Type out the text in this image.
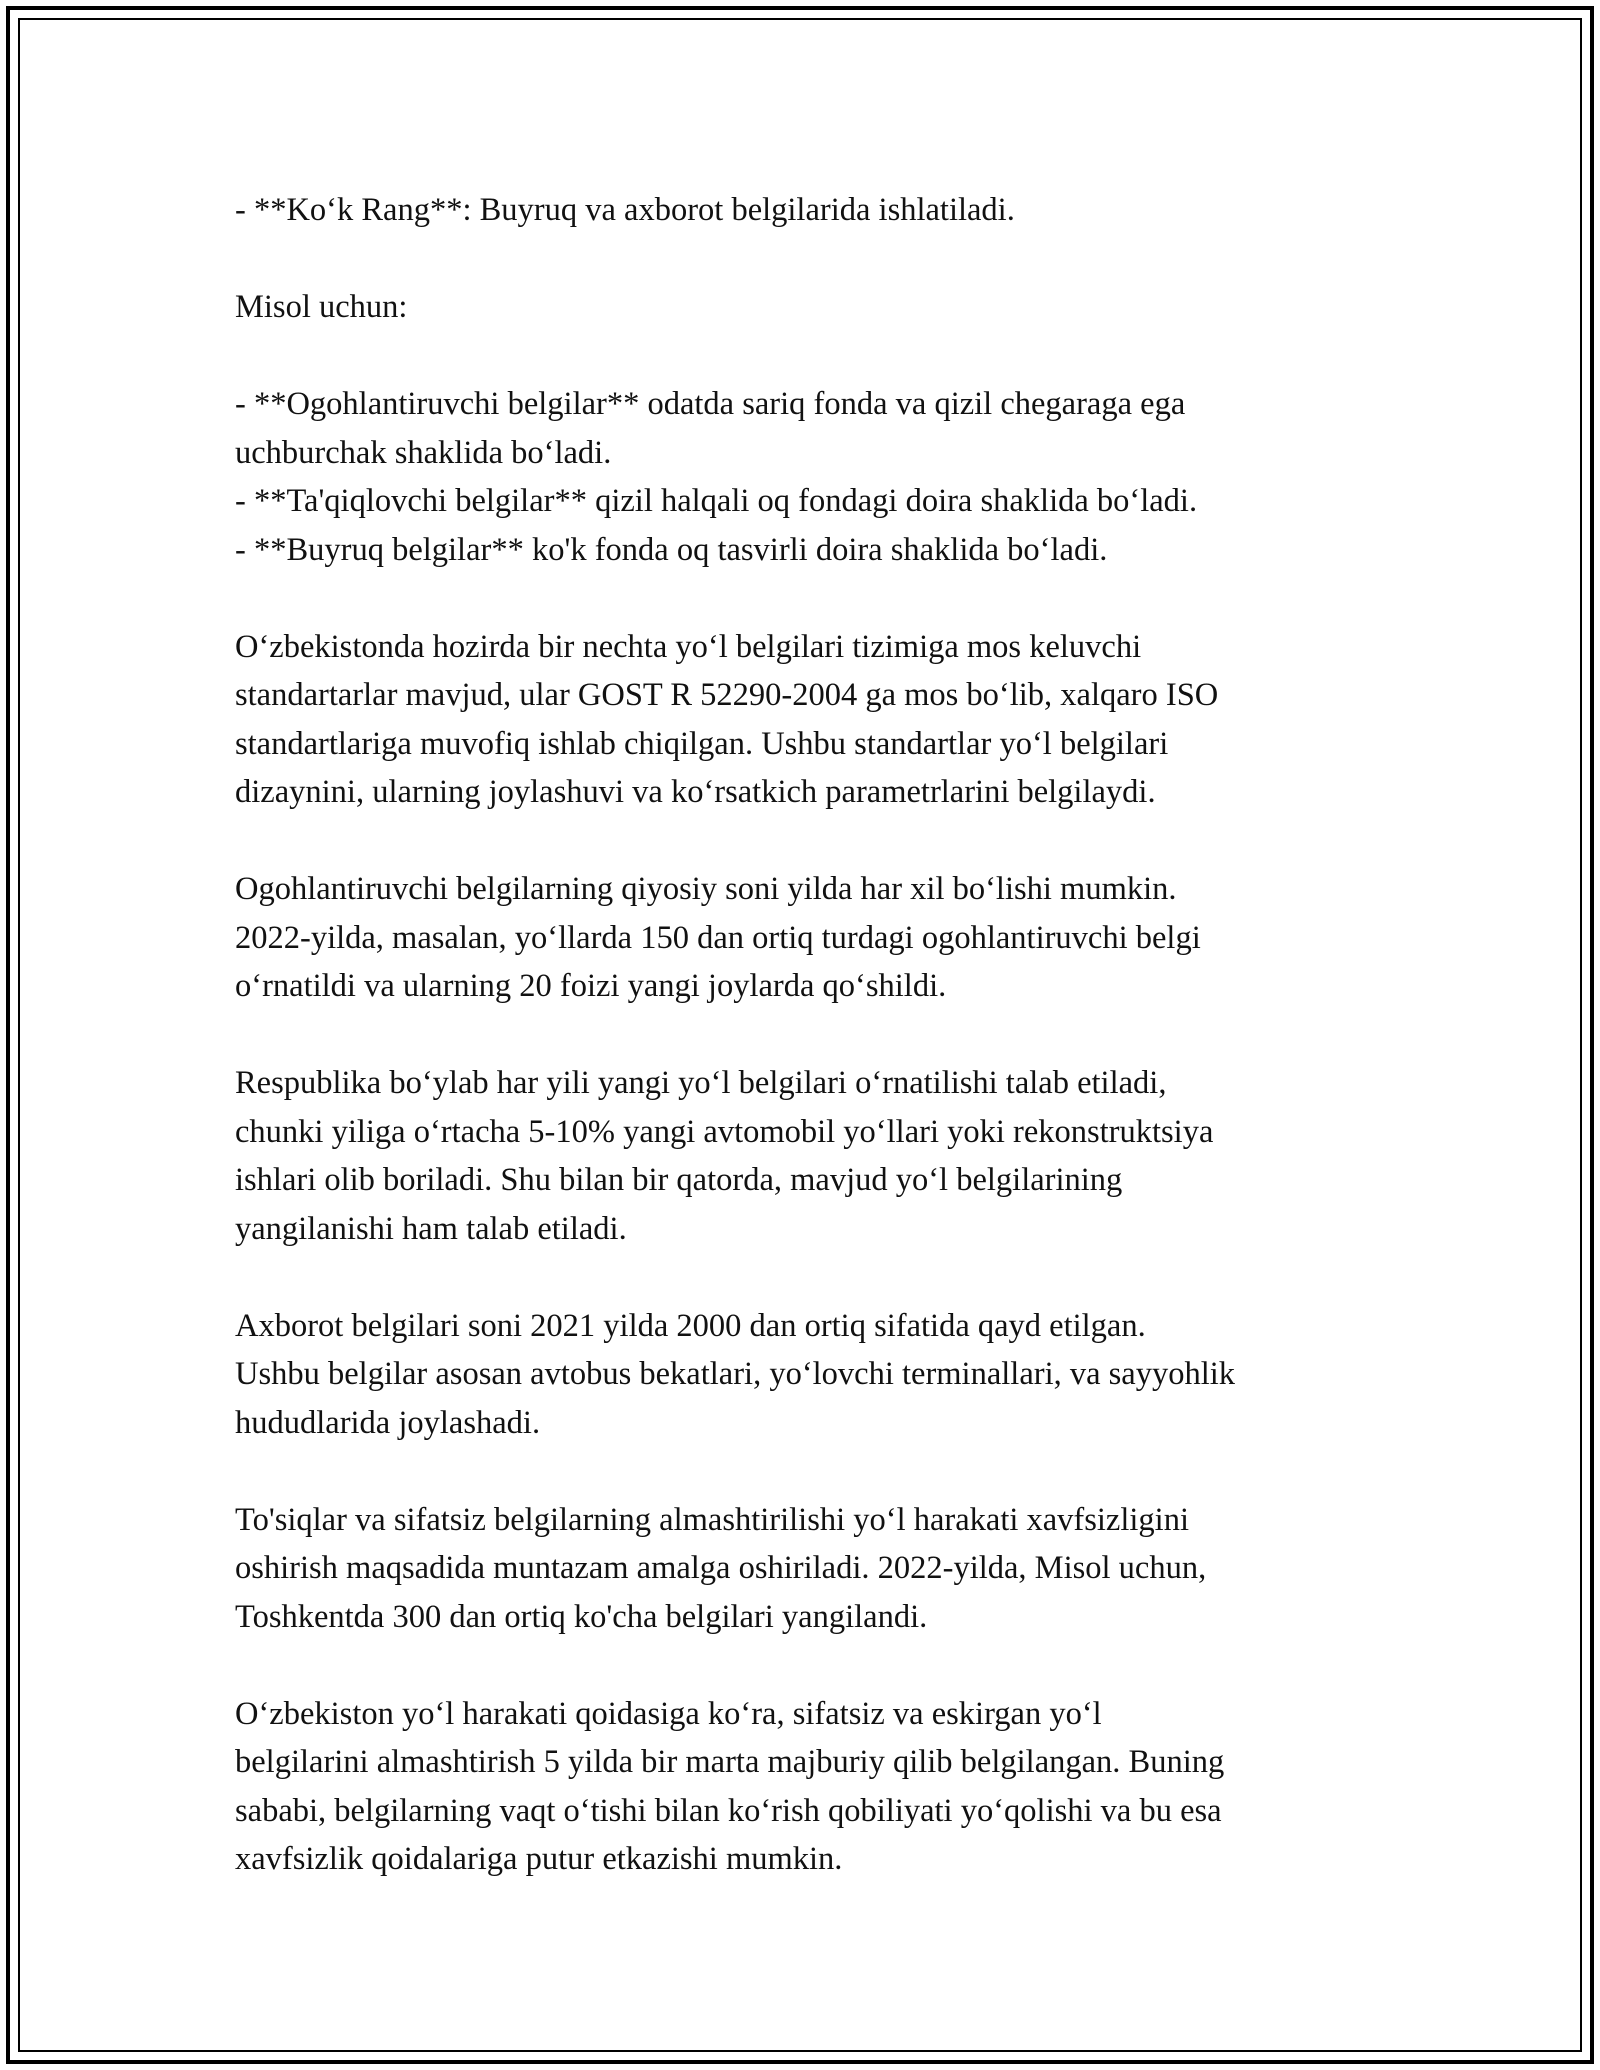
- **Ko‘k Rang**: Buyruq va axborot belgilarida ishlatiladi.

Misol uchun:

- **Ogohlantiruvchi belgilar** odatda sariq fonda va qizil chegaraga ega
uchburchak shaklida bo‘ladi.
- **Ta'qiqlovchi belgilar** qizil halqali oq fondagi doira shaklida bo‘ladi.
- **Buyruq belgilar** ko'k fonda oq tasvirli doira shaklida bo‘ladi.

O‘zbekistonda hozirda bir nechta yo‘l belgilari tizimiga mos keluvchi
standartarlar mavjud, ular GOST R 52290-2004 ga mos bo‘lib, xalqaro ISO
standartlariga muvofiq ishlab chiqilgan. Ushbu standartlar yo‘l belgilari
dizaynini, ularning joylashuvi va ko‘rsatkich parametrlarini belgilaydi.

Ogohlantiruvchi belgilarning qiyosiy soni yilda har xil bo‘lishi mumkin.
2022-yilda, masalan, yo‘llarda 150 dan ortiq turdagi ogohlantiruvchi belgi
o‘rnatildi va ularning 20 foizi yangi joylarda qo‘shildi.

Respublika bo‘ylab har yili yangi yo‘l belgilari o‘rnatilishi talab etiladi,
chunki yiliga o‘rtacha 5-10% yangi avtomobil yo‘llari yoki rekonstruktsiya
ishlari olib boriladi. Shu bilan bir qatorda, mavjud yo‘l belgilarining
yangilanishi ham talab etiladi.

Axborot belgilari soni 2021 yilda 2000 dan ortiq sifatida qayd etilgan.
Ushbu belgilar asosan avtobus bekatlari, yo‘lovchi terminallari, va sayyohlik
hududlarida joylashadi.

To'siqlar va sifatsiz belgilarning almashtirilishi yo‘l harakati xavfsizligini
oshirish maqsadida muntazam amalga oshiriladi. 2022-yilda, Misol uchun,
Toshkentda 300 dan ortiq ko'cha belgilari yangilandi.

O‘zbekiston yo‘l harakati qoidasiga ko‘ra, sifatsiz va eskirgan yo‘l
belgilarini almashtirish 5 yilda bir marta majburiy qilib belgilangan. Buning
sababi, belgilarning vaqt o‘tishi bilan ko‘rish qobiliyati yo‘qolishi va bu esa
xavfsizlik qoidalariga putur etkazishi mumkin.
